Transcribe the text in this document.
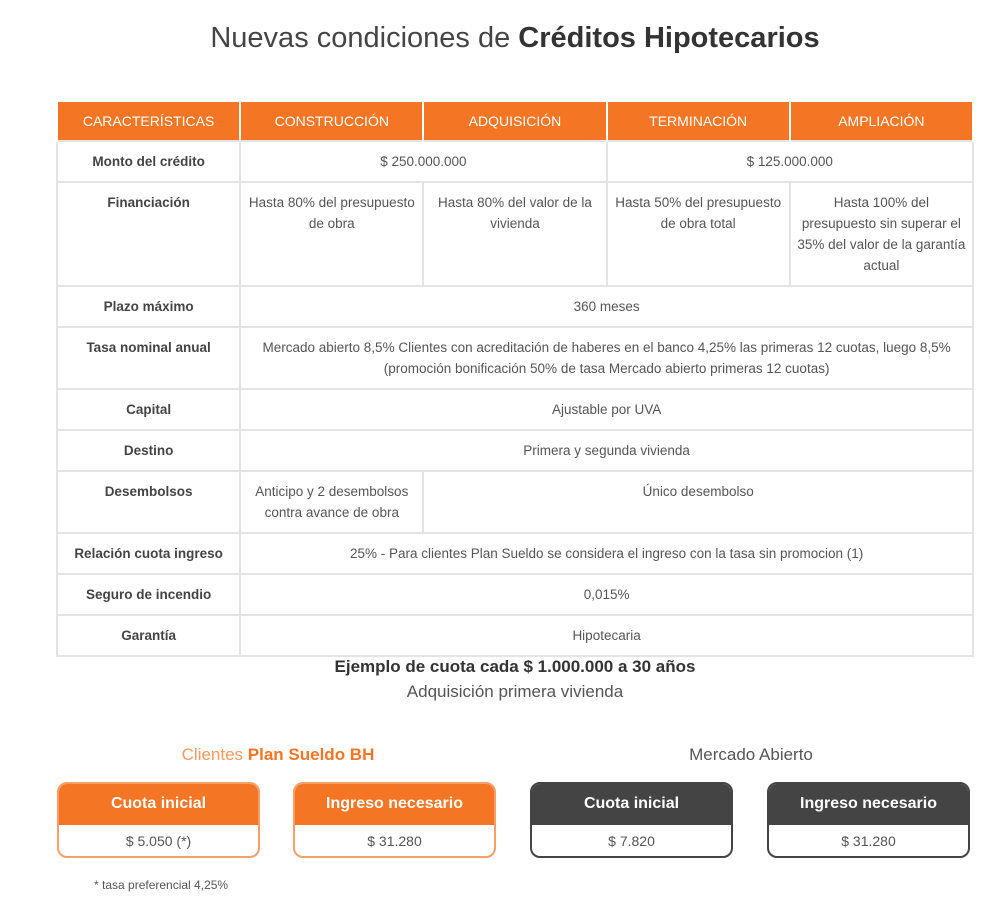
Nuevas condiciones de Créditos Hipotecarios
CARACTERÍSTICAS	CONSTRUCCIÓN	ADQUISICIÓN	TERMINACIÓN	AMPLIACIÓN
Monto del crédito	$ 250.000.000		$ 125.000.000	
Financiación	Hasta 80% del presupuesto de obra	Hasta 80% del valor de la vivienda	Hasta 50% del presupuesto de obra total	Hasta 100% del presupuesto sin superar el 35% del valor de la garantía actual
Plazo máximo	360 meses			
Tasa nominal anual	Mercado abierto 8,5% Clientes con acreditación de haberes en el banco 4,25% las primeras 12 cuotas, luego 8,5% (promoción bonificación 50% de tasa Mercado abierto primeras 12 cuotas)			
Capital	Ajustable por UVA			
Destino	Primera y segunda vivienda			
Desembolsos	Anticipo y 2 desembolsos contra avance de obra	Único desembolso		
Relación cuota ingreso	25% - Para clientes Plan Sueldo se considera el ingreso con la tasa sin promocion (1)			
Seguro de incendio	0,015%			
Garantía	Hipotecaria			
Ejemplo de cuota cada $ 1.000.000 a 30 años
Adquisición primera vivienda
Clientes Plan Sueldo BH	Mercado Abierto
Cuota inicial
$ 5.050 (*)
Ingreso necesario
$ 31.280
Cuota inicial
$ 7.820
Ingreso necesario
$ 31.280
* tasa preferencial 4,25%
